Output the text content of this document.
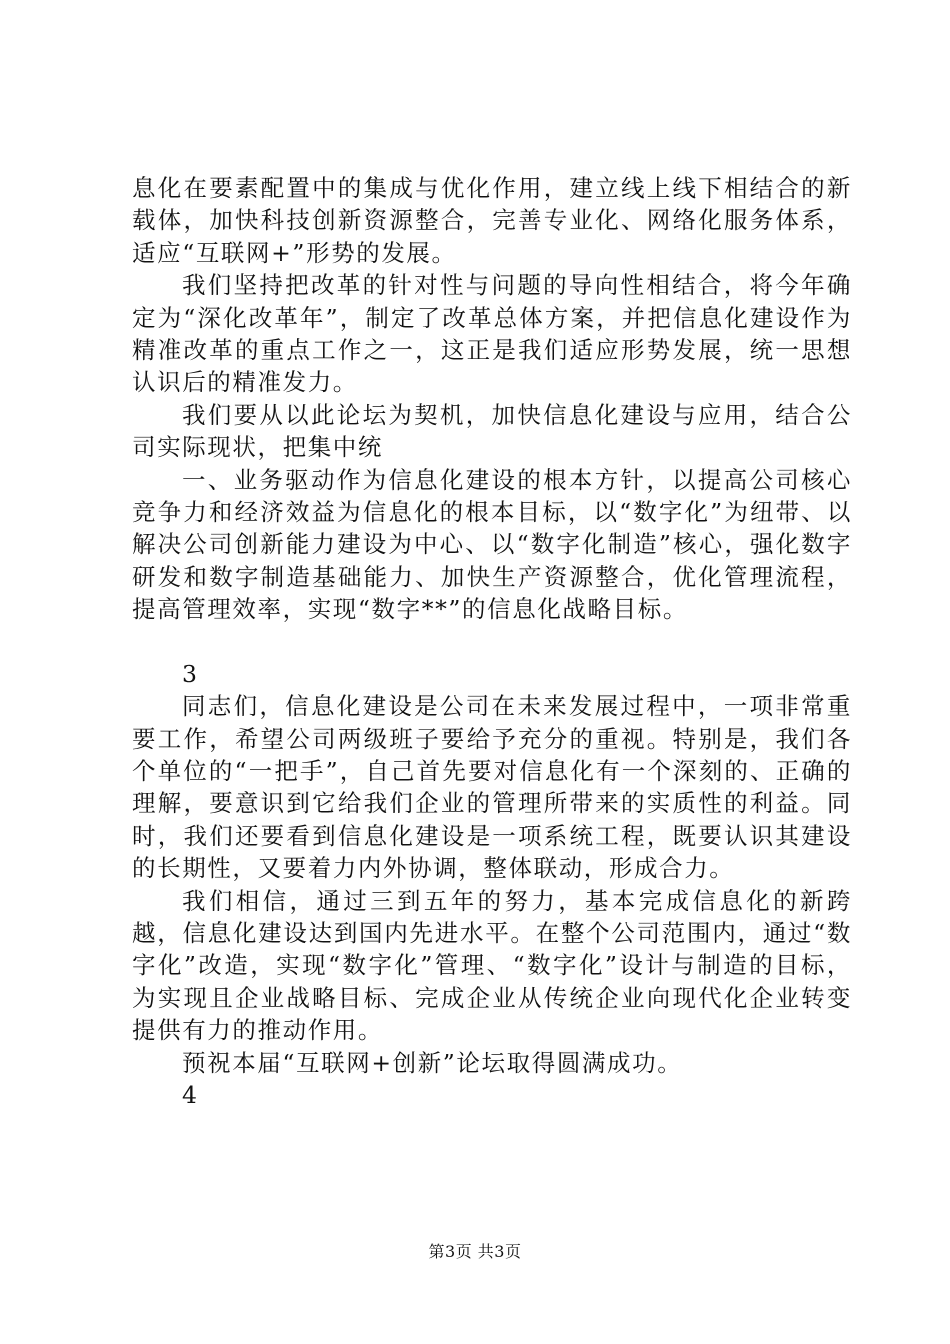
息化在要素配置中的集成与优化作用，建立线上线下相结合的新载体，加快科技创新资源整合，完善专业化、网络化服务体系，适应“互联网+”形势的发展。

我们坚持把改革的针对性与问题的导向性相结合，将今年确定为“深化改革年”，制定了改革总体方案，并把信息化建设作为精准改革的重点工作之一，这正是我们适应形势发展，统一思想认识后的精准发力。

我们要从以此论坛为契机，加快信息化建设与应用，结合公司实际现状，把集中统

一、业务驱动作为信息化建设的根本方针，以提高公司核心竞争力和经济效益为信息化的根本目标，以“数字化”为纽带、以解决公司创新能力建设为中心、以“数字化制造”核心，强化数字研发和数字制造基础能力、加快生产资源整合，优化管理流程，提高管理效率，实现“数字**”的信息化战略目标。

3

同志们，信息化建设是公司在未来发展过程中，一项非常重要工作，希望公司两级班子要给予充分的重视。特别是，我们各个单位的“一把手”，自己首先要对信息化有一个深刻的、正确的理解，要意识到它给我们企业的管理所带来的实质性的利益。同时，我们还要看到信息化建设是一项系统工程，既要认识其建设的长期性，又要着力内外协调，整体联动，形成合力。

我们相信，通过三到五年的努力，基本完成信息化的新跨越，信息化建设达到国内先进水平。在整个公司范围内，通过“数字化”改造，实现“数字化”管理、“数字化”设计与制造的目标，为实现且企业战略目标、完成企业从传统企业向现代化企业转变提供有力的推动作用。

预祝本届“互联网+创新”论坛取得圆满成功。

4

第3页 共3页
